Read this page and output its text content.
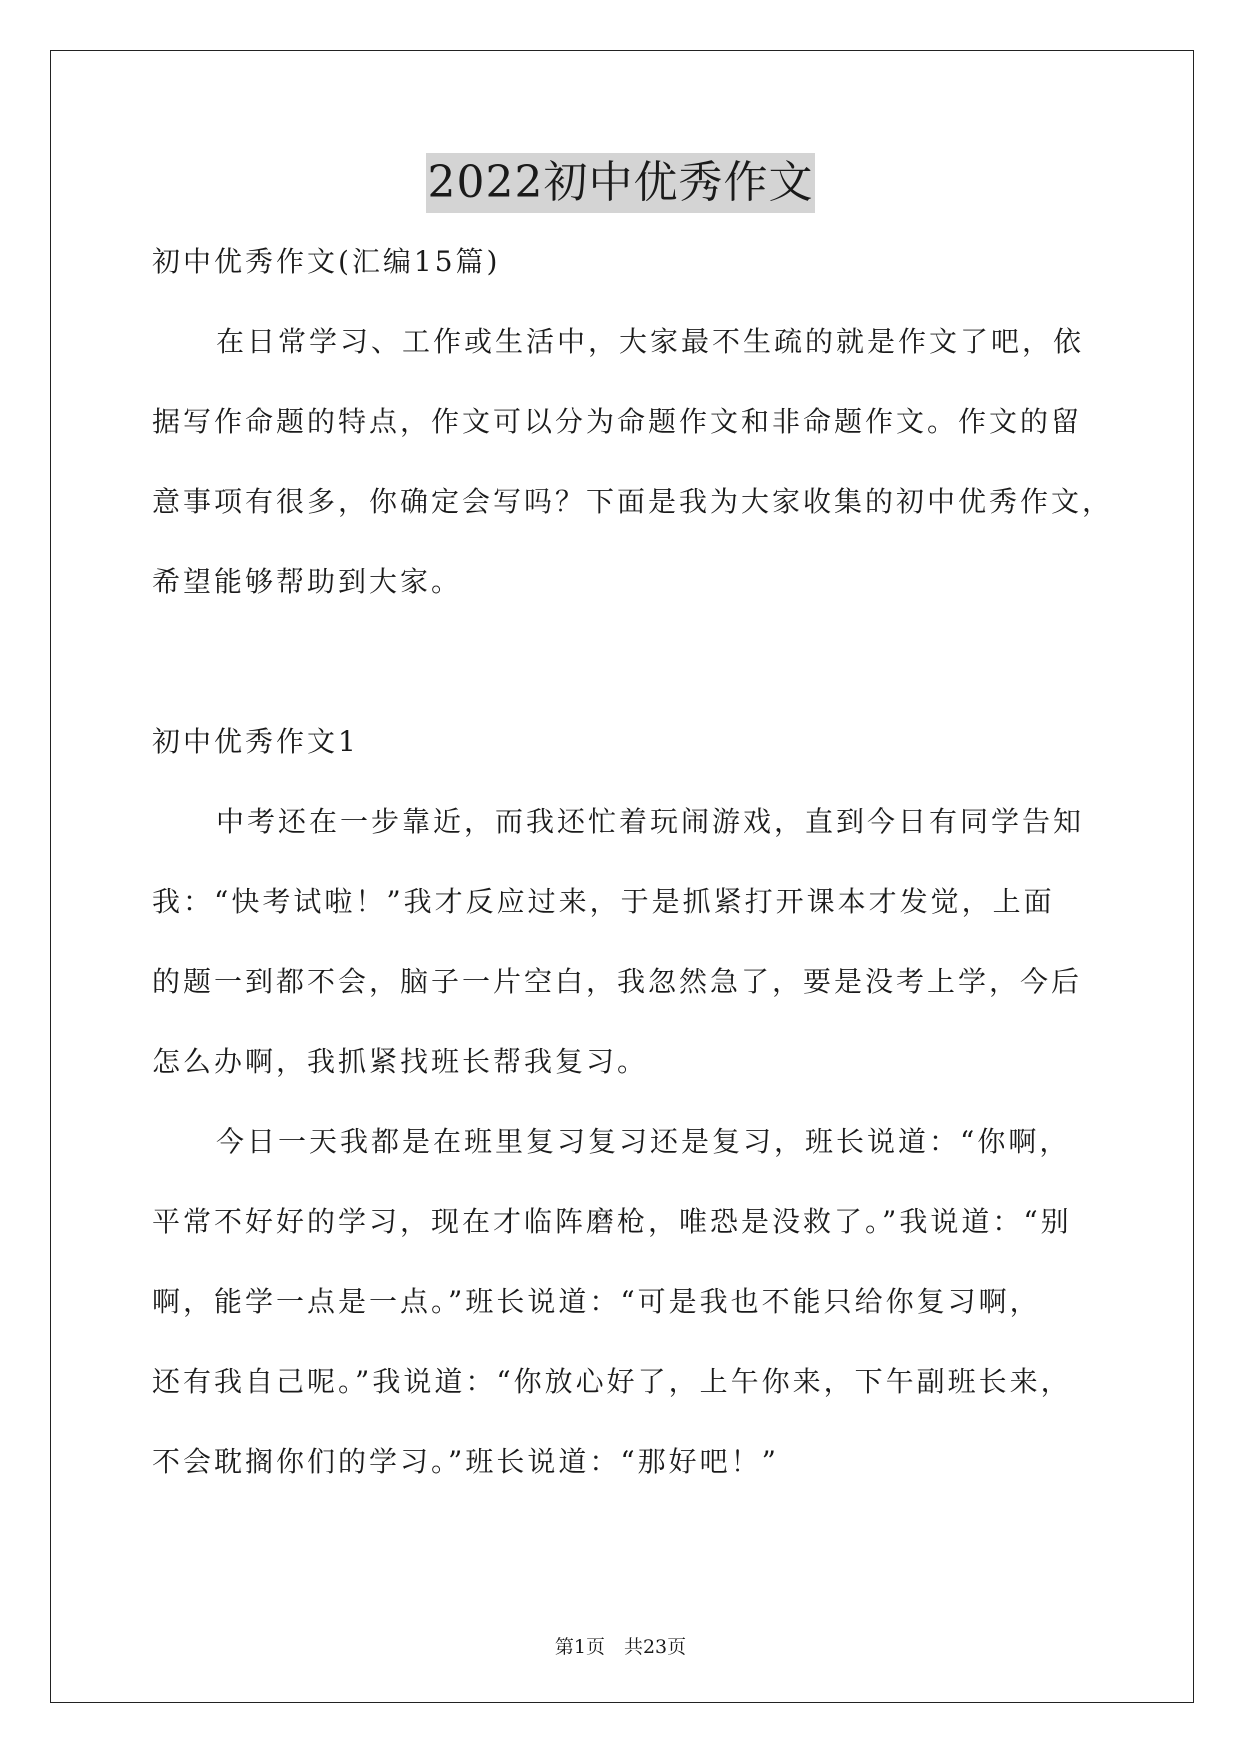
2022初中优秀作文
初中优秀作文(汇编15篇)
在日常学习、工作或生活中，大家最不生疏的就是作文了吧，依
据写作命题的特点，作文可以分为命题作文和非命题作文。作文的留
意事项有很多，你确定会写吗？下面是我为大家收集的初中优秀作文，
希望能够帮助到大家。
初中优秀作文1
中考还在一步靠近，而我还忙着玩闹游戏，直到今日有同学告知
我：“快考试啦！”我才反应过来，于是抓紧打开课本才发觉，上面
的题一到都不会，脑子一片空白，我忽然急了，要是没考上学，今后
怎么办啊，我抓紧找班长帮我复习。
今日一天我都是在班里复习复习还是复习，班长说道：“你啊，
平常不好好的学习，现在才临阵磨枪，唯恐是没救了。”我说道：“别
啊，能学一点是一点。”班长说道：“可是我也不能只给你复习啊，
还有我自己呢。”我说道：“你放心好了，上午你来，下午副班长来，
不会耽搁你们的学习。”班长说道：“那好吧！”
第1页　共23页
